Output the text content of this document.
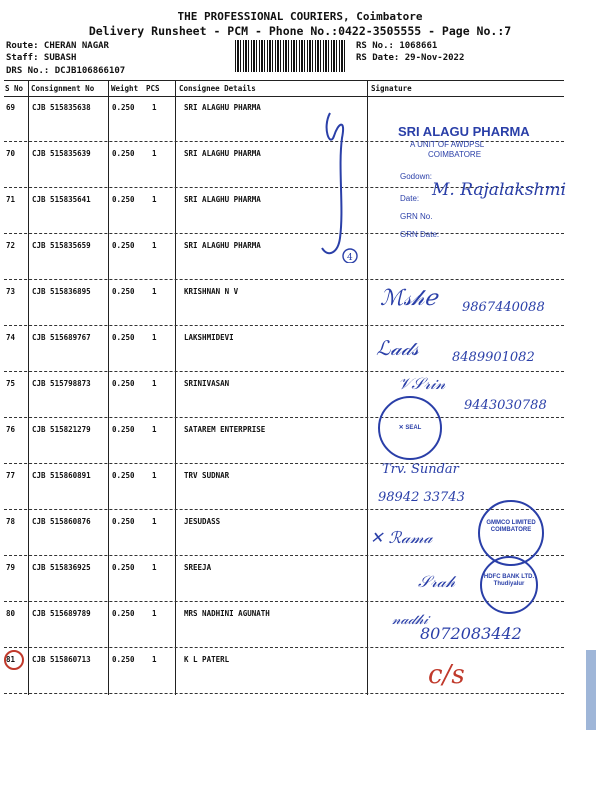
THE PROFESSIONAL COURIERS, Coimbatore
Delivery Runsheet - PCM - Phone No.:0422-3505555 - Page No.:7
Route: CHERAN NAGAR
Staff: SUBASH
DRS No.: DCJB106866107
RS No.: 1068661
RS Date: 29-Nov-2022
S No Consignment No Weight PCS	Consignee Details	Signature
69 CJB 515835638	0.250 1	SRI ALAGHU PHARMA
70 CJB 515835639	0.250 1	SRI ALAGHU PHARMA
71 CJB 515835641	0.250 1	SRI ALAGHU PHARMA
72 CJB 515835659	0.250 1	SRI ALAGHU PHARMA
73 CJB 515836895	0.250 1	KRISHNAN N V
74 CJB 515689767	0.250 1	LAKSHMIDEVI
75 CJB 515798873	0.250 1	SRINIVASAN
76 CJB 515821279	0.250 1	SATAREM ENTERPRISE
77 CJB 515860891	0.250 1	TRV SUDNAR
78 CJB 515860876	0.250 1	JESUDASS
79 CJB 515836925	0.250 1	SREEJA
80 CJB 515689789	0.250 1	MRS NADHINI AGUNATH
81 CJB 515860713	0.250 1	K L PATERL
4
SRI ALAGU PHARMA
A UNIT OF AWDPSL
COIMBATORE
Godown:
Date: M. Rajalakshmi
GRN No.
GRN Date:
ℳ𝓈𝒽ℯ 9867440088
ℒ𝒶𝒹𝓈	8489901082
𝒱𝒮𝓇𝒾𝓃
9443030788
✕ SEAL
Trv. Sundar
98942 33743
✕ ℛ𝒶𝓂𝒶
GMMCO LIMITED
COIMBATORE
𝒮𝓇𝒶𝒽	HDFC BANK LTD.
Thudiyalur
𝓃𝒶𝒹𝒽𝒾
8072083442
c/s
